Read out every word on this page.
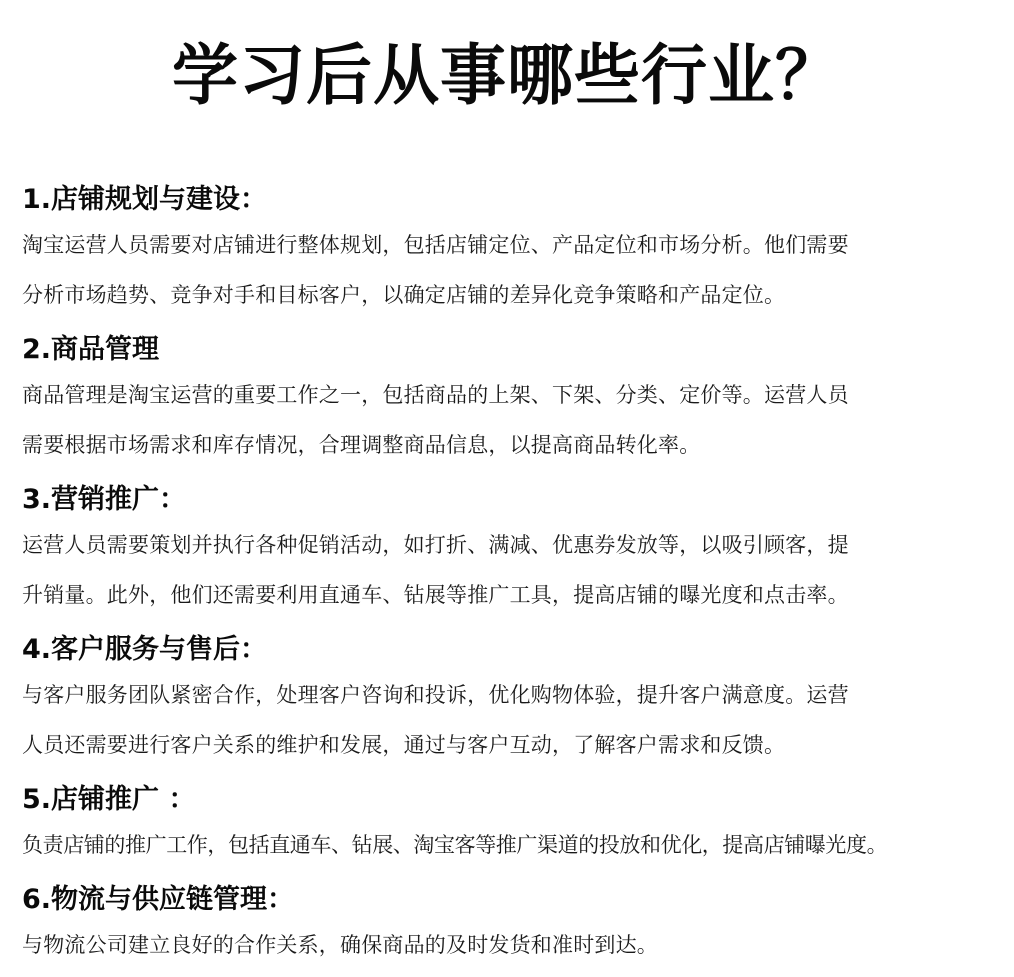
学习后从事哪些行业？
1.店铺规划与建设：
淘宝运营人员需要对店铺进行整体规划，包括店铺定位、产品定位和市场分析。他们需要
分析市场趋势、竞争对手和目标客户，以确定店铺的差异化竞争策略和产品定位。
2.商品管理
商品管理是淘宝运营的重要工作之一，包括商品的上架、下架、分类、定价等。运营人员
需要根据市场需求和库存情况，合理调整商品信息，以提高商品转化率。
3.营销推广：
运营人员需要策划并执行各种促销活动，如打折、满减、优惠券发放等，以吸引顾客，提
升销量。此外，他们还需要利用直通车、钻展等推广工具，提高店铺的曝光度和点击率。
4.客户服务与售后：
与客户服务团队紧密合作，处理客户咨询和投诉，优化购物体验，提升客户满意度。运营
人员还需要进行客户关系的维护和发展，通过与客户互动，了解客户需求和反馈。
5.店铺推广 ：
负责店铺的推广工作，包括直通车、钻展、淘宝客等推广渠道的投放和优化，提高店铺曝光度。
6.物流与供应链管理：
与物流公司建立良好的合作关系，确保商品的及时发货和准时到达。
